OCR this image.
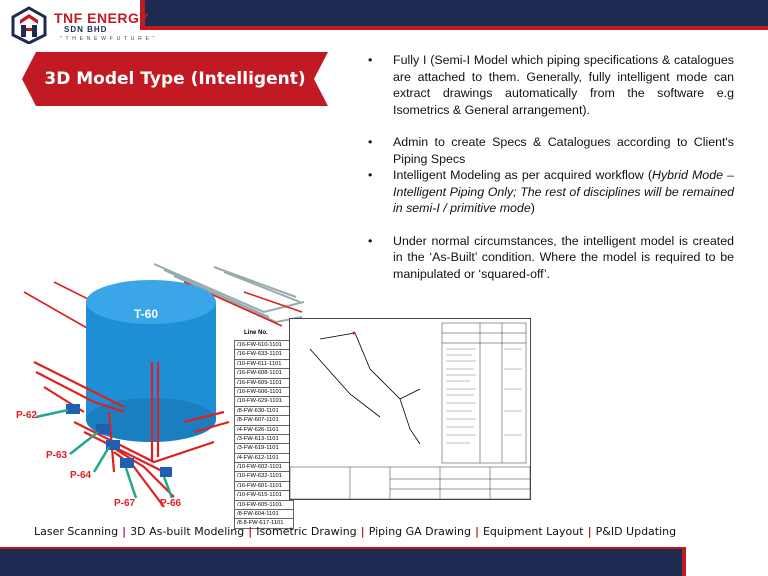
TNF ENERGY
SDN BHD
" T H E N E W F U T U R E "
3D Model Type (Intelligent)
• Fully I (Semi-I Model which piping specifications & catalogues are attached to them. Generally, fully intelligent mode can extract drawings automatically from the software e.g Isometrics & General arrangement).
• Admin to create Specs & Catalogues according to Client's Piping Specs
• Intelligent Modeling as per acquired workflow (Hybrid Mode – Intelligent Piping Only; The rest of disciplines will be remained in semi-I / primitive mode)
• Under normal circumstances, the intelligent model is created in the ‘As-Built’ condition. Where the model is required to be manipulated or ‘squared-off’.
T-60
P-62
P-63
P-64
P-67 P-66
Line No.
/16-FW-610-1101
/16-FW-633-1101
/10-FW-611-1101
/16-FW-608-1101
/16-FW-609-1101
/10-FW-606-1101
/10-FW-629-1101
/8-FW-630-1101
/8-FW-607-1101
/4-FW-626-1101
/3-FW-613-1101
/3-FW-619-1101
/4-FW-612-1101
/10-FW-602-1101
/10-FW-632-1101
/16-FW-601-1101
/10-FW-615-1101
/10-FW-605-1101
/8-FW-604-1101
/8.8-FW-617-1101
Laser Scanning | 3D As-built Modeling | Isometric Drawing | Piping GA Drawing | Equipment Layout | P&ID Updating
